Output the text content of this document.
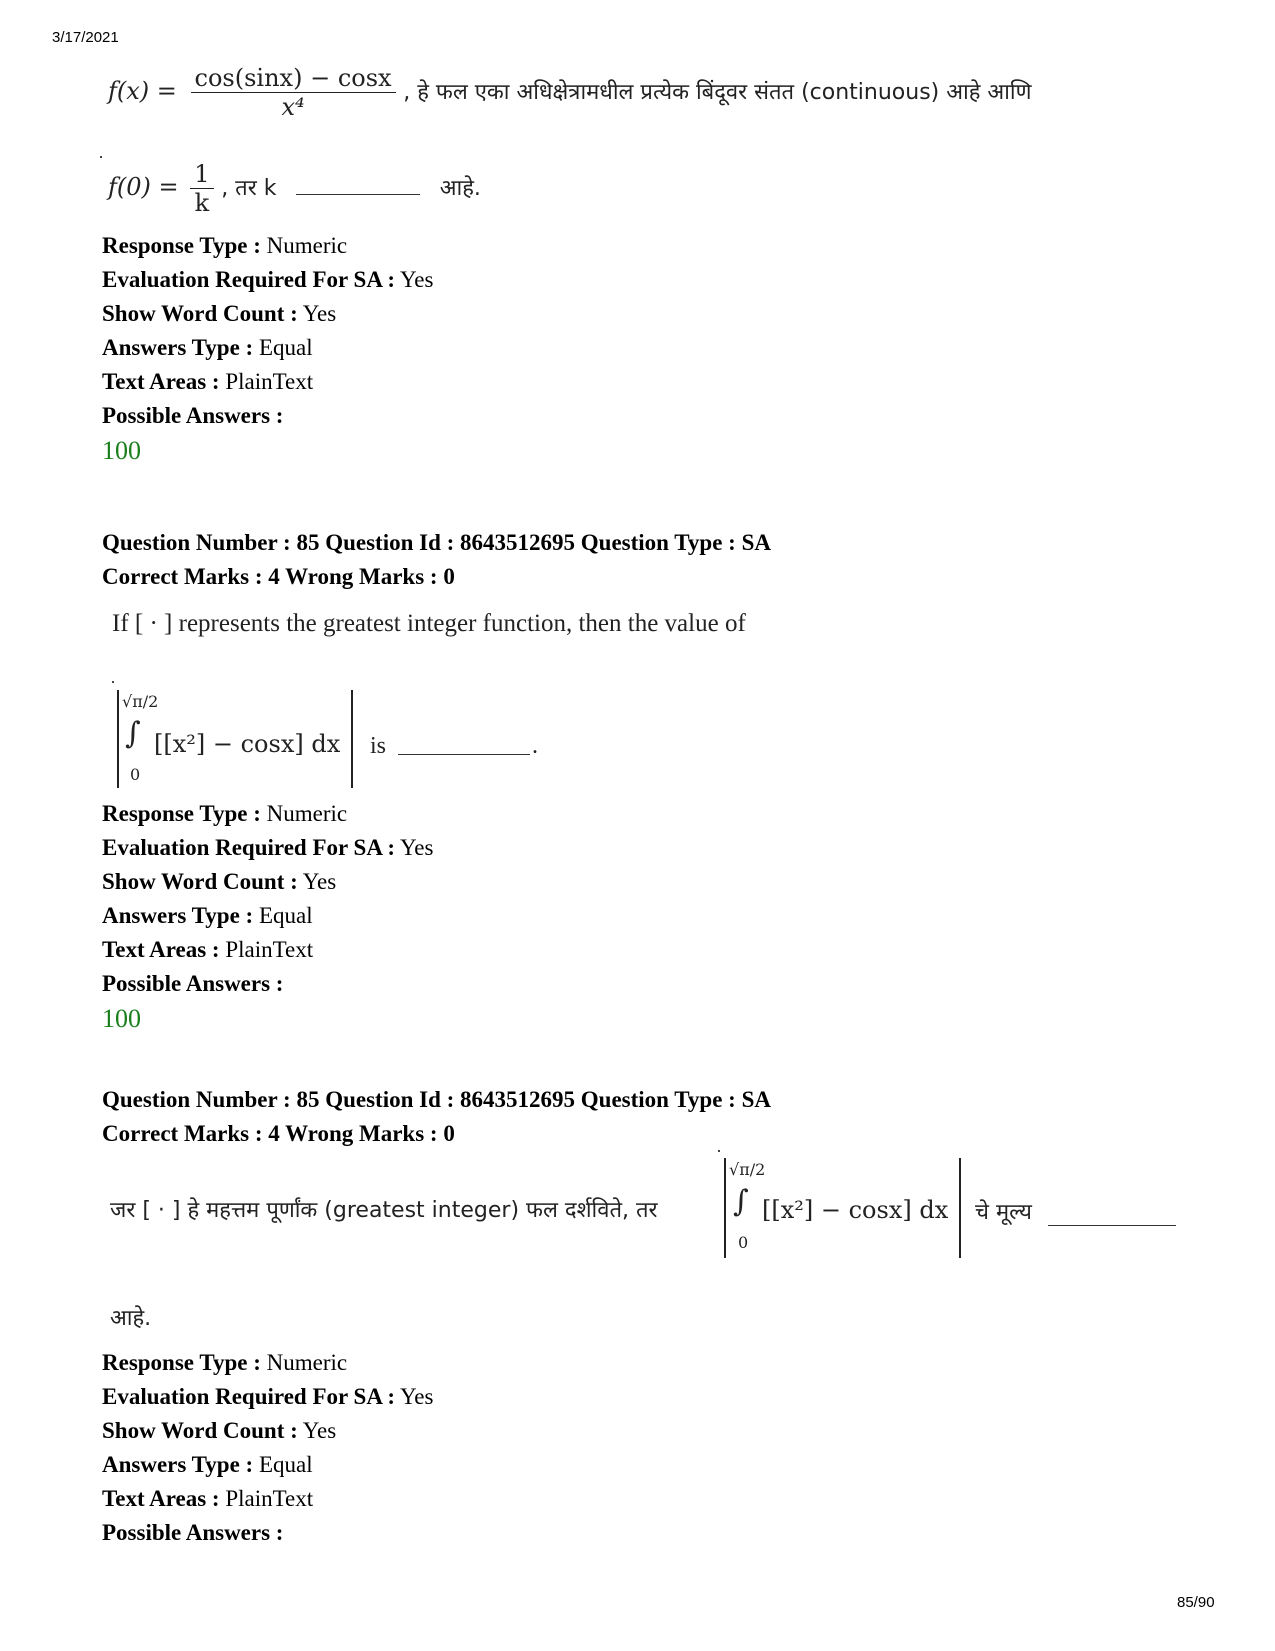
3/17/2021
$f(x) = \frac{\cos(\sin x) - \cos x}{\text{x⁴}}$ , हे फल एका अधिक्षेत्रामधील प्रत्येक बिंदूवर संतत (continuous) आहे आणि
$f(0) = \frac{1}{k}$ , तर k	आहे.
Response Type : Numeric
Evaluation Required For SA : Yes
Show Word Count : Yes
Answers Type : Equal
Text Areas : PlainText
Possible Answers :
100
Question Number : 85 Question Id : 8643512695 Question Type : SA
Correct Marks : 4 Wrong Marks : 0
If [ · ] represents the greatest integer function, then the value of
√π/2
∫
0
[[x²] − cosx] dx is	.
Response Type : Numeric
Evaluation Required For SA : Yes
Show Word Count : Yes
Answers Type : Equal
Text Areas : PlainText
Possible Answers :
100
Question Number : 85 Question Id : 8643512695 Question Type : SA
Correct Marks : 4 Wrong Marks : 0
जर [ · ] हे महत्तम पूर्णांक (greatest integer) फल दर्शविते, तर
√π/2
∫
0
[[x²] − cosx] dx चे मूल्य
आहे.
Response Type : Numeric
Evaluation Required For SA : Yes
Show Word Count : Yes
Answers Type : Equal
Text Areas : PlainText
Possible Answers :
85/90
